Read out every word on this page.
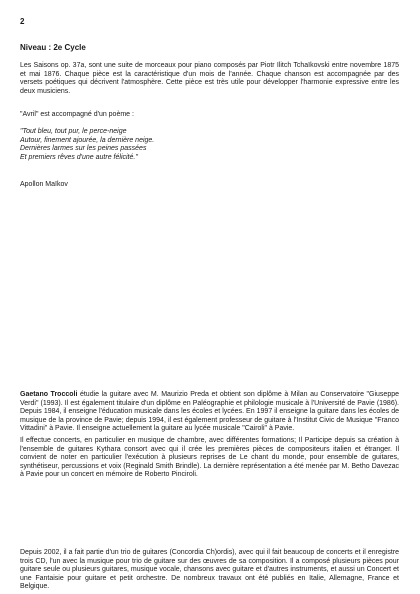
2
Niveau : 2e Cycle

Les Saisons op. 37a, sont une suite de morceaux pour piano composés par Piotr Ilitch Tchaïkovski entre novembre 1875 et mai 1876. Chaque pièce est la caractéristique d'un mois de l'année. Chaque chanson est accompagnée par des versets poétiques qui décrivent l'atmosphère. Cette pièce est très utile pour développer l'harmonie expressive entre les deux musiciens.

"Avril" est accompagné d'un poème :

"Tout bleu, tout pur, le perce-neige
Autour, finement ajourée, la dernière neige.
Dernières larmes sur les peines passées
Et premiers rêves d'une autre félicité."

Apollon Maïkov

Gaetano Troccoli étudie la guitare avec M. Maurizio Preda et obtient son diplôme à Milan au Conservatoire "Giuseppe Verdi" (1993). Il est également titulaire d'un diplôme en Paléographie et philologie musicale à l'Université de Pavie (1986). Depuis 1984, il enseigne l'éducation musicale dans les écoles et lycées. En 1997 il enseigne la guitare dans les écoles de musique de la province de Pavie; depuis 1994, il est également professeur de guitare à l'Institut Civic de Musique "Franco Vittadini" à Pavie. Il enseigne actuellement la guitare au lycée musicale "Cairoli" à Pavie.

Il effectue concerts, en particulier en musique de chambre, avec différentes formations; Il Participe depuis sa création à l'ensemble de guitares Kythara consort avec qui il crée les premières pièces de compositeurs italien et étranger. Il convient de noter en particulier l'exécution à plusieurs reprises de Le chant du monde, pour ensemble de guitares, synthétiseur, percussions et voix (Reginald Smith Brindle). La dernière représentation a été menée par M. Betho Davezac à Pavie pour un concert en mémoire de Roberto Pinciroli.

Depuis 2002, il a fait partie d'un trio de guitares (Concordia Ch)ordis), avec qui il fait beaucoup de concerts et il enregistre trois CD, l'un avec la musique pour trio de guitare sur des œuvres de sa composition. Il a composé plusieurs pièces pour guitare seule ou plusieurs guitares, musique vocale, chansons avec guitare et d'autres instruments, et aussi un Concert et une Fantaisie pour guitare et petit orchestre. De nombreux travaux ont été publiés en Italie, Allemagne, France et Belgique.
